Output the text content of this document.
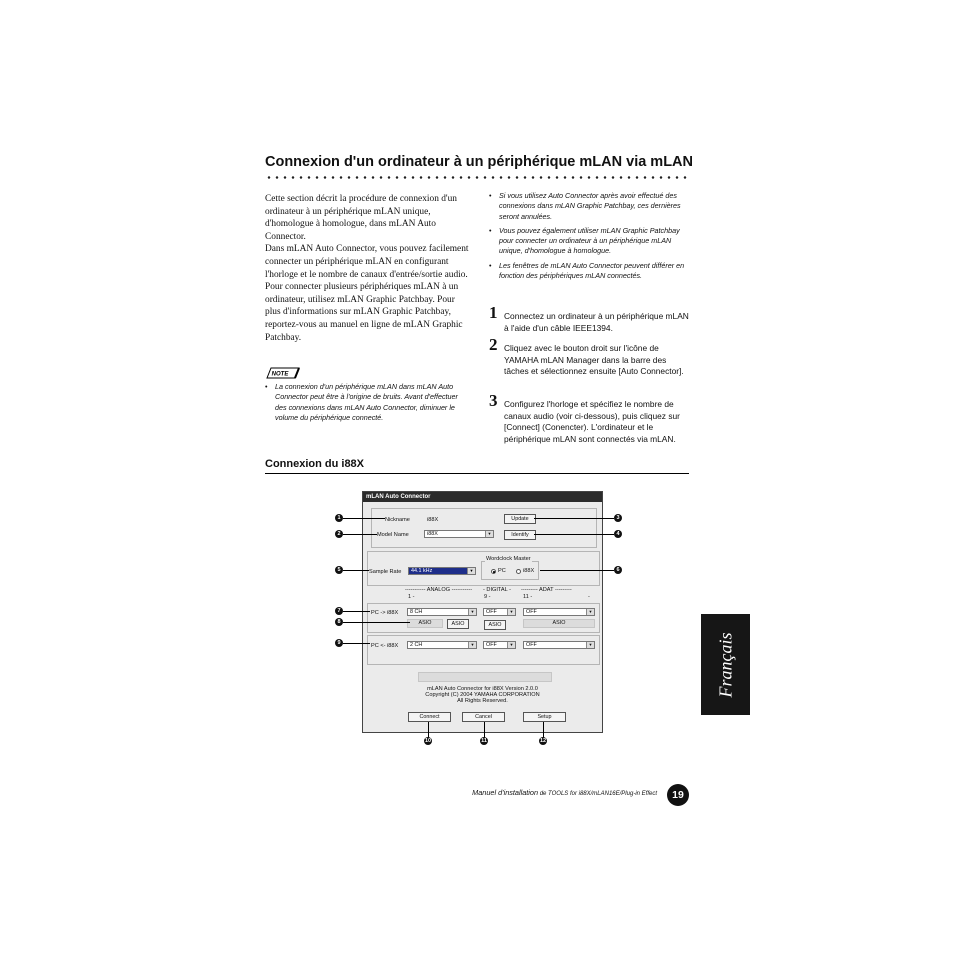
Connexion d'un ordinateur à un périphérique mLAN via mLAN

Cette section décrit la procédure de connexion d'un ordinateur à un périphérique mLAN unique, d'homologue à homologue, dans mLAN Auto Connector.

Dans mLAN Auto Connector, vous pouvez facilement connecter un périphérique mLAN en configurant l'horloge et le nombre de canaux d'entrée/sortie audio.

Pour connecter plusieurs périphériques mLAN à un ordinateur, utilisez mLAN Graphic Patchbay. Pour plus d'informations sur mLAN Graphic Patchbay, reportez-vous au manuel en ligne de mLAN Graphic Patchbay.

NOTE
• La connexion d'un périphérique mLAN dans mLAN Auto Connector peut être à l'origine de bruits. Avant d'effectuer des connexions dans mLAN Auto Connector, diminuer le volume du périphérique connecté.
• Si vous utilisez Auto Connector après avoir effectué des connexions dans mLAN Graphic Patchbay, ces dernières seront annulées.
• Vous pouvez également utiliser mLAN Graphic Patchbay pour connecter un ordinateur à un périphérique mLAN unique, d'homologue à homologue.
• Les fenêtres de mLAN Auto Connector peuvent différer en fonction des périphériques mLAN connectés.
1 Connectez un ordinateur à un périphérique mLAN à l'aide d'un câble IEEE1394.
2 Cliquez avec le bouton droit sur l'icône de YAMAHA mLAN Manager dans la barre des tâches et sélectionnez ensuite [Auto Connector].
3 Configurez l'horloge et spécifiez le nombre de canaux audio (voir ci-dessous), puis cliquez sur [Connect] (Conencter). L'ordinateur et le périphérique mLAN sont connectés via mLAN.
Connexion du i88X
mLAN Auto Connector
Nickname	i88X	Update
Model Name	i88X	▼	Identify
Wordclock Master
PC	i88X
Sample Rate	44.1 kHz	▼
----------- ANALOG ----------- - DIGITAL - --------- ADAT ---------
1 -	9 -	11 -	-
PC -> i88X	8 CH	▼	OFF	▼	OFF	▼
ASIO	ASIO	ASIO	ASIO
PC <- i88X	2 CH	▼	OFF	▼	OFF	▼
mLAN Auto Connector for i88X Version 2.0.0
Copyright (C) 2004 YAMAHA CORPORATION
All Rights Reserved.
Connect	Cancel	Setup
1
2
3
4
5	6
7
8
9
10	11	12
Français
Manuel d'installation de TOOLS for i88X/mLAN16E/Plug-in Effect	19
